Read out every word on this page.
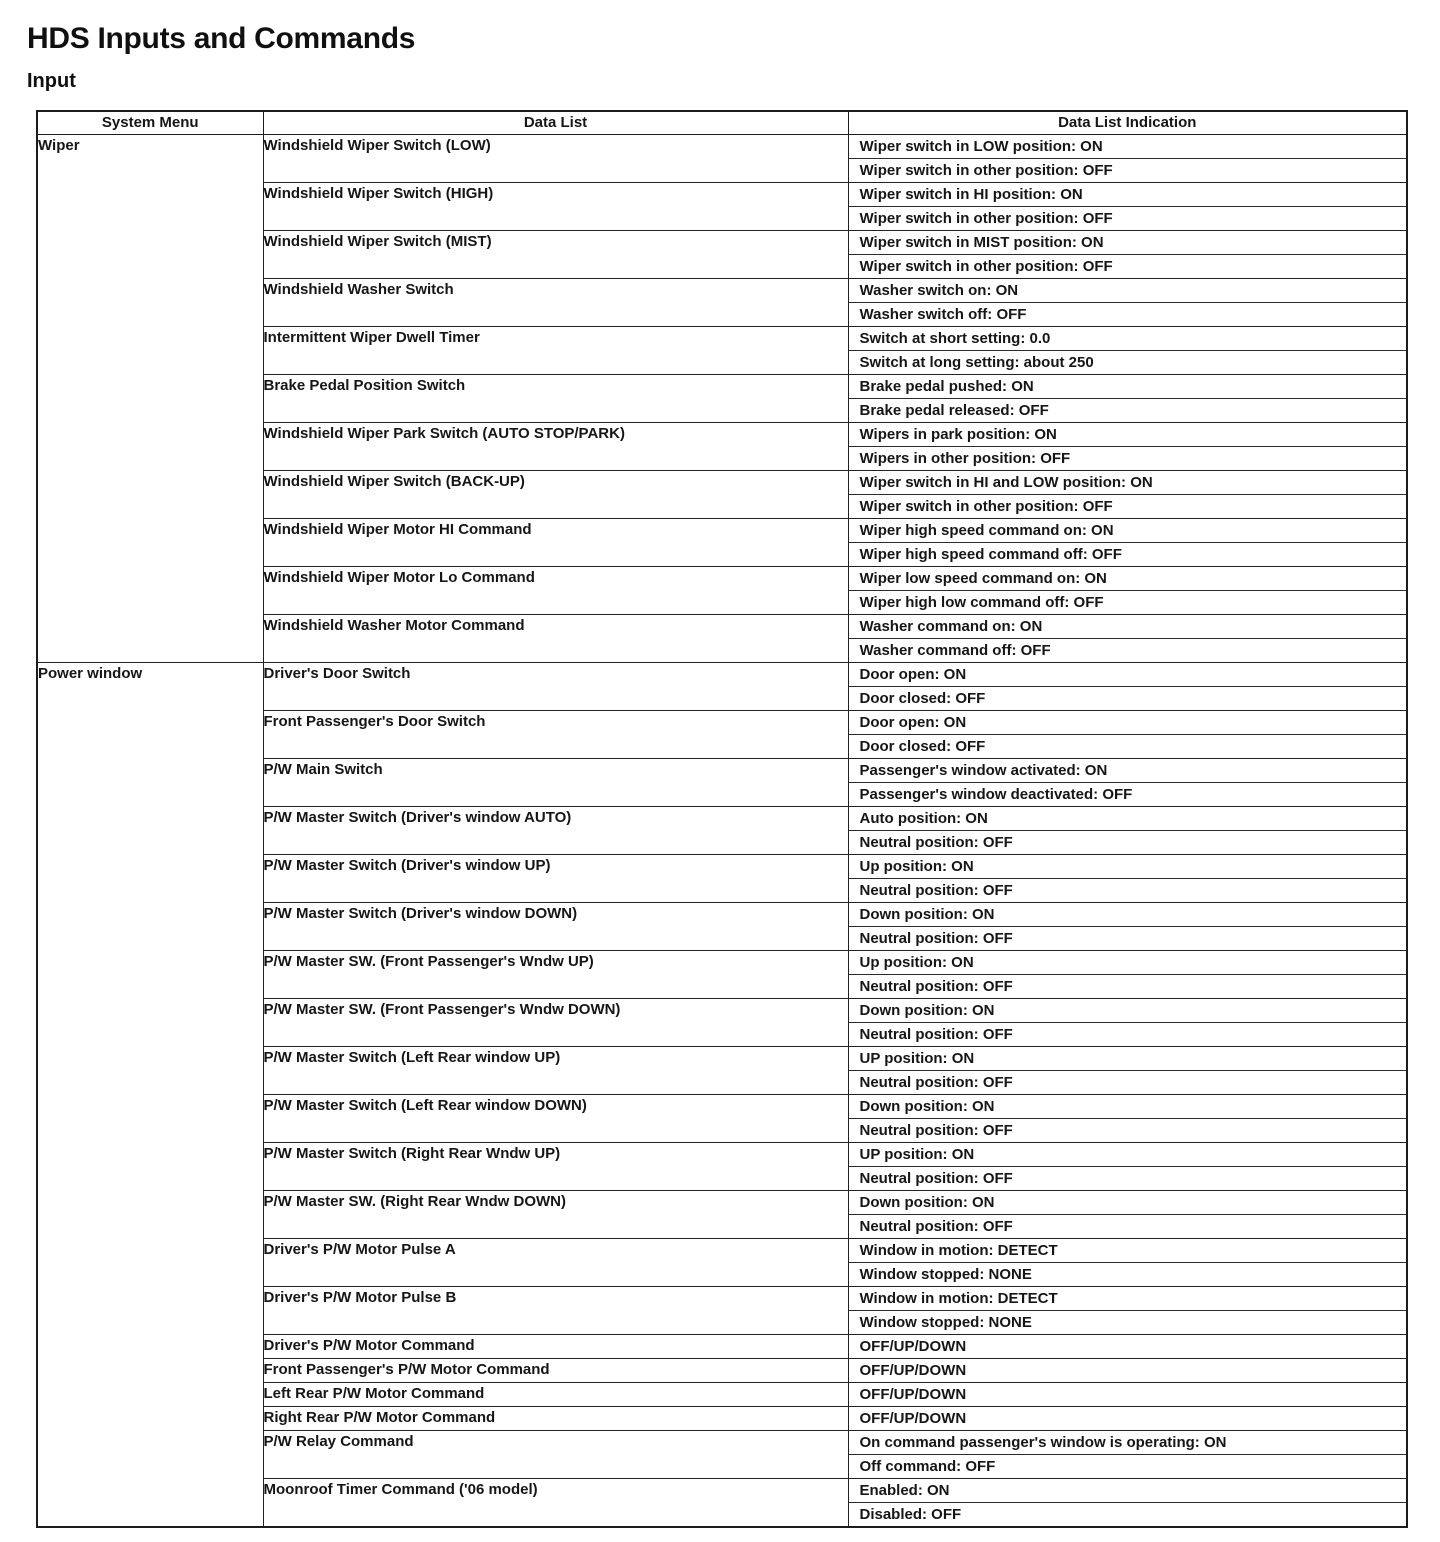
HDS Inputs and Commands
Input
System Menu	Data List	Data List Indication
Wiper	Windshield Wiper Switch (LOW)	Wiper switch in LOW position: ON
Wiper switch in other position: OFF

	Windshield Wiper Switch (HIGH)	Wiper switch in HI position: ON
Wiper switch in other position: OFF

	Windshield Wiper Switch (MIST)	Wiper switch in MIST position: ON
Wiper switch in other position: OFF

	Windshield Washer Switch	Washer switch on: ON
Washer switch off: OFF

	Intermittent Wiper Dwell Timer	Switch at short setting: 0.0
Switch at long setting: about 250

	Brake Pedal Position Switch	Brake pedal pushed: ON
Brake pedal released: OFF

	Windshield Wiper Park Switch (AUTO STOP/PARK)	Wipers in park position: ON
Wipers in other position: OFF

	Windshield Wiper Switch (BACK-UP)	Wiper switch in HI and LOW position: ON
Wiper switch in other position: OFF

	Windshield Wiper Motor HI Command	Wiper high speed command on: ON
Wiper high speed command off: OFF

	Windshield Wiper Motor Lo Command	Wiper low speed command on: ON
Wiper high low command off: OFF

	Windshield Washer Motor Command	Washer command on: ON
Washer command off: OFF

Power window	Driver's Door Switch	Door open: ON
Door closed: OFF

	Front Passenger's Door Switch	Door open: ON
Door closed: OFF

	P/W Main Switch	Passenger's window activated: ON
Passenger's window deactivated: OFF

	P/W Master Switch (Driver's window AUTO)	Auto position: ON
Neutral position: OFF

	P/W Master Switch (Driver's window UP)	Up position: ON
Neutral position: OFF

	P/W Master Switch (Driver's window DOWN)	Down position: ON
Neutral position: OFF

	P/W Master SW. (Front Passenger's Wndw UP)	Up position: ON
Neutral position: OFF

	P/W Master SW. (Front Passenger's Wndw DOWN)	Down position: ON
Neutral position: OFF

	P/W Master Switch (Left Rear window UP)	UP position: ON
Neutral position: OFF

	P/W Master Switch (Left Rear window DOWN)	Down position: ON
Neutral position: OFF

	P/W Master Switch (Right Rear Wndw UP)	UP position: ON
Neutral position: OFF

	P/W Master SW. (Right Rear Wndw DOWN)	Down position: ON
Neutral position: OFF

	Driver's P/W Motor Pulse A	Window in motion: DETECT
Window stopped: NONE

	Driver's P/W Motor Pulse B	Window in motion: DETECT
Window stopped: NONE

	Driver's P/W Motor Command	OFF/UP/DOWN

	Front Passenger's P/W Motor Command	OFF/UP/DOWN

	Left Rear P/W Motor Command	OFF/UP/DOWN

	Right Rear P/W Motor Command	OFF/UP/DOWN

	P/W Relay Command	On command passenger's window is operating: ON
Off command: OFF

	Moonroof Timer Command ('06 model)	Enabled: ON
Disabled: OFF
